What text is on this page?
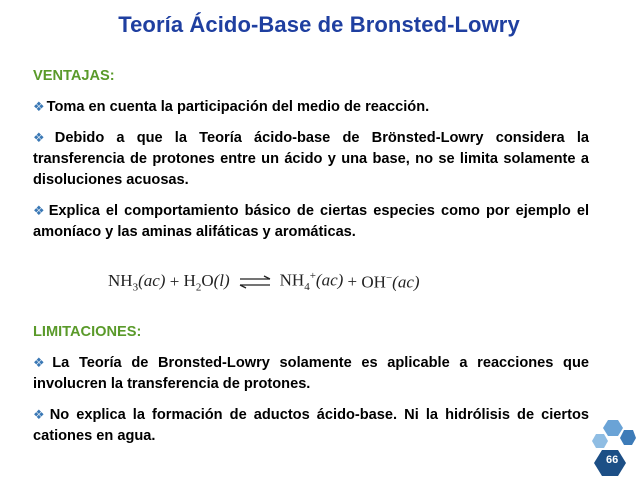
Teoría Ácido-Base de Bronsted-Lowry

VENTAJAS:

❖ Toma en cuenta la participación del medio de reacción.

❖ Debido a que la Teoría ácido-base de Brönsted-Lowry considera la transferencia de protones entre un ácido y una base, no se limita solamente a disoluciones acuosas.

❖ Explica el comportamiento básico de ciertas especies como por ejemplo el amoníaco y las aminas alifáticas y aromáticas.

$NH_3(ac)$
+
$H_2O(l)$ ⇌ $NH_4^+(ac)$
+
OH−(ac)

LIMITACIONES:

❖ La Teoría de Bronsted-Lowry solamente es aplicable a reacciones que involucren la transferencia de protones.

❖ No explica la formación de aductos ácido-base. Ni la hidrólisis de ciertos cationes en agua.

66
